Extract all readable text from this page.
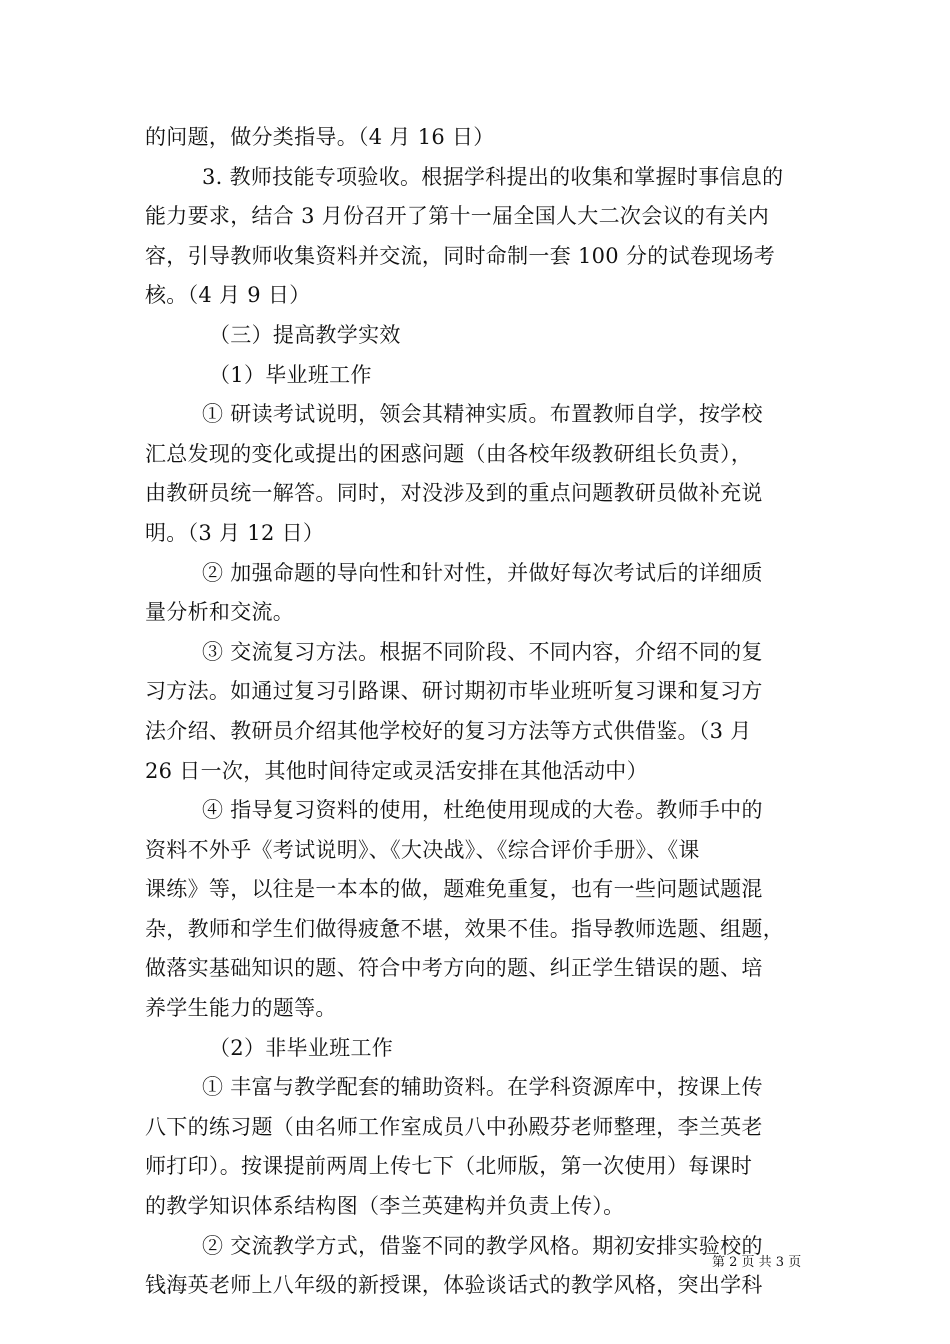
的问题，做分类指导。（4 月 16 日）
3. 教师技能专项验收。根据学科提出的收集和掌握时事信息的
能力要求，结合 3 月份召开了第十一届全国人大二次会议的有关内
容，引导教师收集资料并交流，同时命制一套 100 分的试卷现场考
核。（4 月 9 日）
（三）提高教学实效
（1）毕业班工作
① 研读考试说明，领会其精神实质。布置教师自学，按学校
汇总发现的变化或提出的困惑问题（由各校年级教研组长负责），
由教研员统一解答。同时，对没涉及到的重点问题教研员做补充说
明。（3 月 12 日）
② 加强命题的导向性和针对性，并做好每次考试后的详细质
量分析和交流。
③ 交流复习方法。根据不同阶段、不同内容，介绍不同的复
习方法。如通过复习引路课、研讨期初市毕业班听复习课和复习方
法介绍、教研员介绍其他学校好的复习方法等方式供借鉴。（3 月
26 日一次，其他时间待定或灵活安排在其他活动中）
④ 指导复习资料的使用，杜绝使用现成的大卷。教师手中的
资料不外乎《考试说明》、《大决战》、《综合评价手册》、《课
课练》等，以往是一本本的做，题难免重复，也有一些问题试题混
杂，教师和学生们做得疲惫不堪，效果不佳。指导教师选题、组题，
做落实基础知识的题、符合中考方向的题、纠正学生错误的题、培
养学生能力的题等。
（2）非毕业班工作
① 丰富与教学配套的辅助资料。在学科资源库中，按课上传
八下的练习题（由名师工作室成员八中孙殿芬老师整理，李兰英老
师打印）。按课提前两周上传七下（北师版，第一次使用）每课时
的教学知识体系结构图（李兰英建构并负责上传）。
② 交流教学方式，借鉴不同的教学风格。期初安排实验校的
钱海英老师上八年级的新授课，体验谈话式的教学风格，突出学科
第 2 页 共 3 页
